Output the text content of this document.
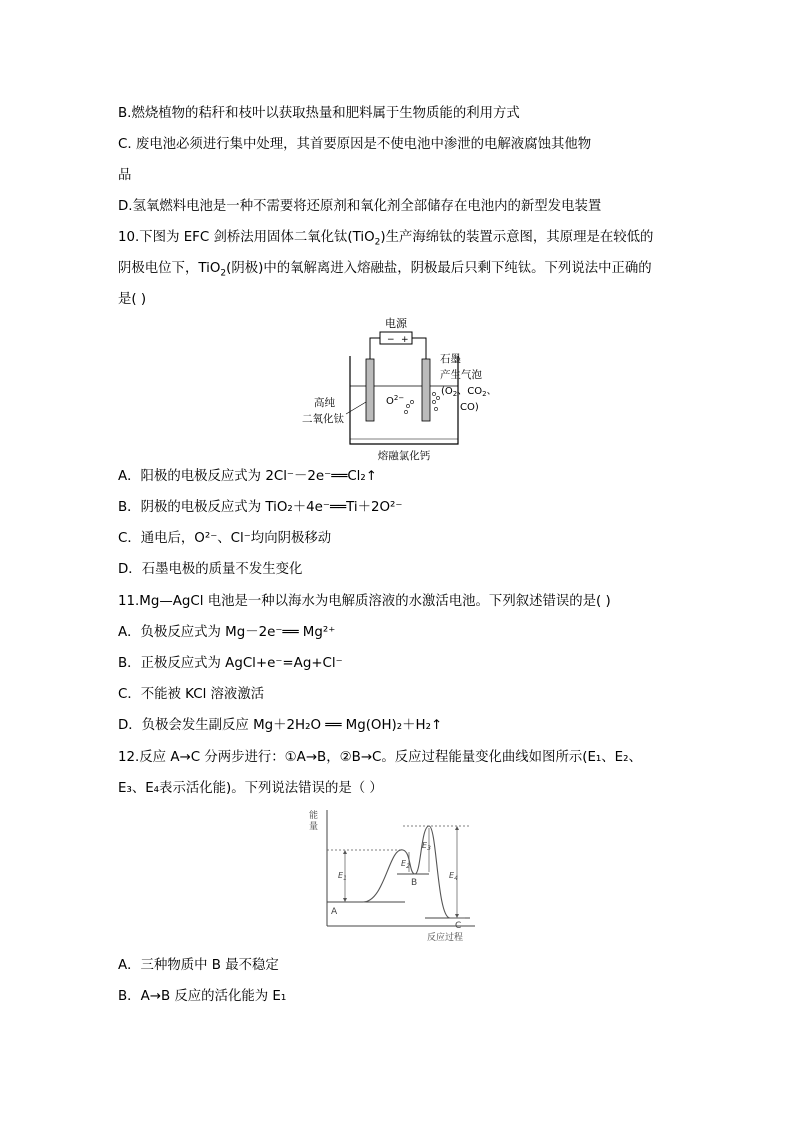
B.燃烧植物的秸秆和枝叶以获取热量和肥料属于生物质能的利用方式
C. 废电池必须进行集中处理，其首要原因是不使电池中渗泄的电解液腐蚀其他物
品
D.氢氧燃料电池是一种不需要将还原剂和氧化剂全部储存在电池内的新型发电装置
10.下图为 EFC 剑桥法用固体二氧化钛(TiO$_2$)生产海绵钛的装置示意图，其原理是在较低的
阴极电位下，TiO$_2$(阴极)中的氧解离进入熔融盐，阴极最后只剩下纯钛。下列说法中正确的
是( )
电源
− +
$O^{2-}$
石墨
产生气泡
($O_2$、$CO_2$、
CO)
高纯
二氧化钛
熔融氯化钙
A．阳极的电极反应式为 2Cl⁻－2e⁻══Cl₂↑
B．阴极的电极反应式为 TiO₂＋4e⁻══Ti＋2O²⁻
C．通电后，O²⁻、Cl⁻均向阴极移动
D．石墨电极的质量不发生变化
11.Mg—AgCl 电池是一种以海水为电解质溶液的水激活电池。下列叙述错误的是( )
A．负极反应式为 Mg－2e⁻══ Mg²⁺
B．正极反应式为 AgCl+e⁻=Ag+Cl⁻
C．不能被 KCl 溶液激活
D．负极会发生副反应 Mg＋2H₂O ══ Mg(OH)₂＋H₂↑
12.反应 A→C 分两步进行：①A→B，②B→C。反应过程能量变化曲线如图所示(E₁、E₂、
E₃、E₄表示活化能)。下列说法错误的是（ ）
能
量
反应过程
$E_1$
$E_2$
$E_3$
$E_4$
A
B
C
A．三种物质中 B 最不稳定
B．A→B 反应的活化能为 E₁
